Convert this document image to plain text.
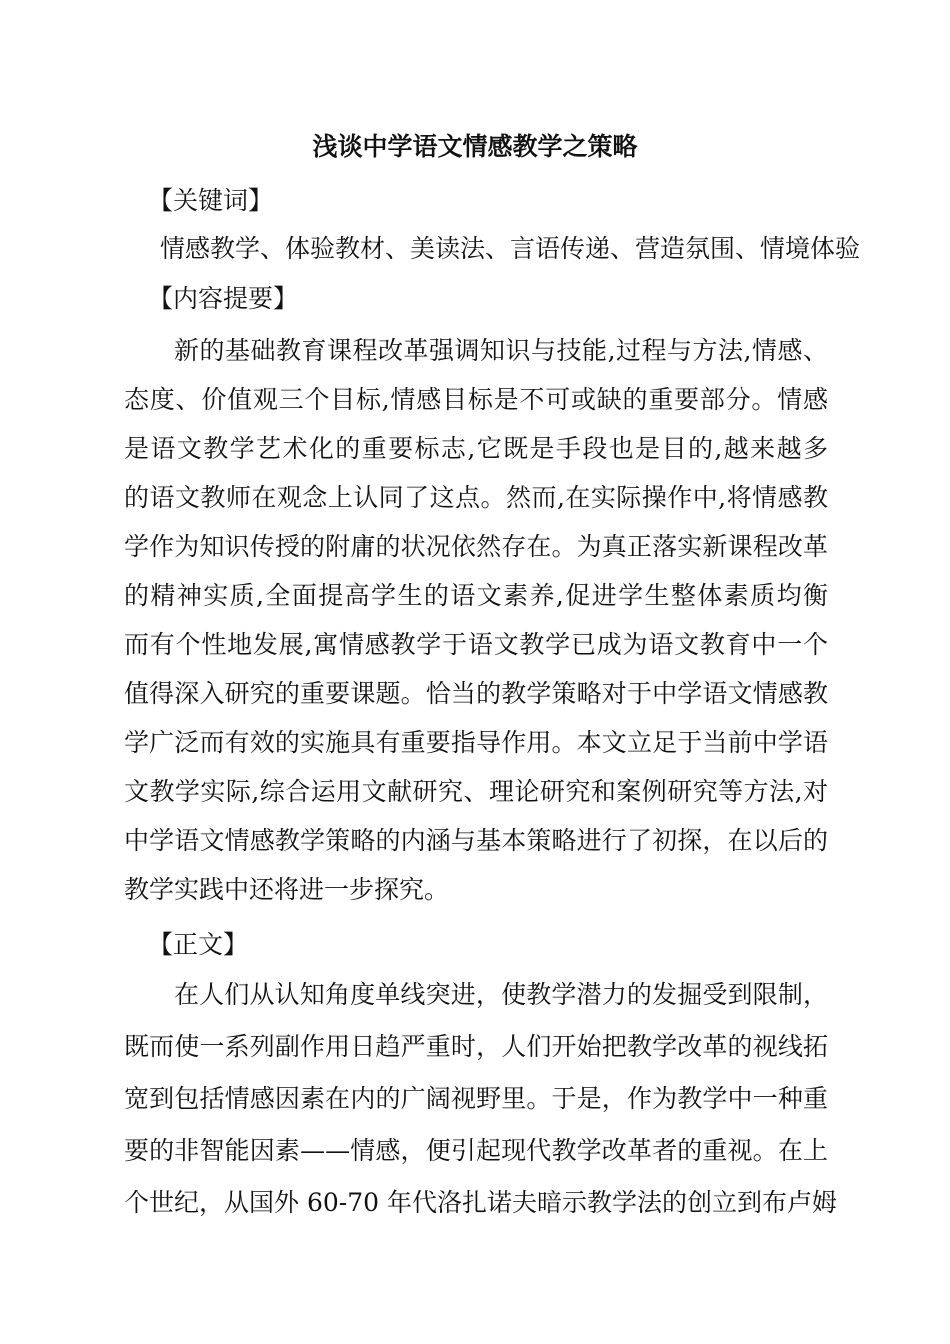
浅谈中学语文情感教学之策略
【关键词】
情感教学、体验教材、美读法、言语传递、营造氛围、情境体验
【内容提要】
新的基础教育课程改革强调知识与技能,过程与方法,情感、
态度、价值观三个目标,情感目标是不可或缺的重要部分。情感
是语文教学艺术化的重要标志,它既是手段也是目的,越来越多
的语文教师在观念上认同了这点。然而,在实际操作中,将情感教
学作为知识传授的附庸的状况依然存在。为真正落实新课程改革
的精神实质,全面提高学生的语文素养,促进学生整体素质均衡
而有个性地发展,寓情感教学于语文教学已成为语文教育中一个
值得深入研究的重要课题。恰当的教学策略对于中学语文情感教
学广泛而有效的实施具有重要指导作用。本文立足于当前中学语
文教学实际,综合运用文献研究、理论研究和案例研究等方法,对
中学语文情感教学策略的内涵与基本策略进行了初探，在以后的
教学实践中还将进一步探究。
【正文】
在人们从认知角度单线突进，使教学潜力的发掘受到限制，
既而使一系列副作用日趋严重时，人们开始把教学改革的视线拓
宽到包括情感因素在内的广阔视野里。于是，作为教学中一种重
要的非智能因素——情感，便引起现代教学改革者的重视。在上
个世纪，从国外 60-70 年代洛扎诺夫暗示教学法的创立到布卢姆
